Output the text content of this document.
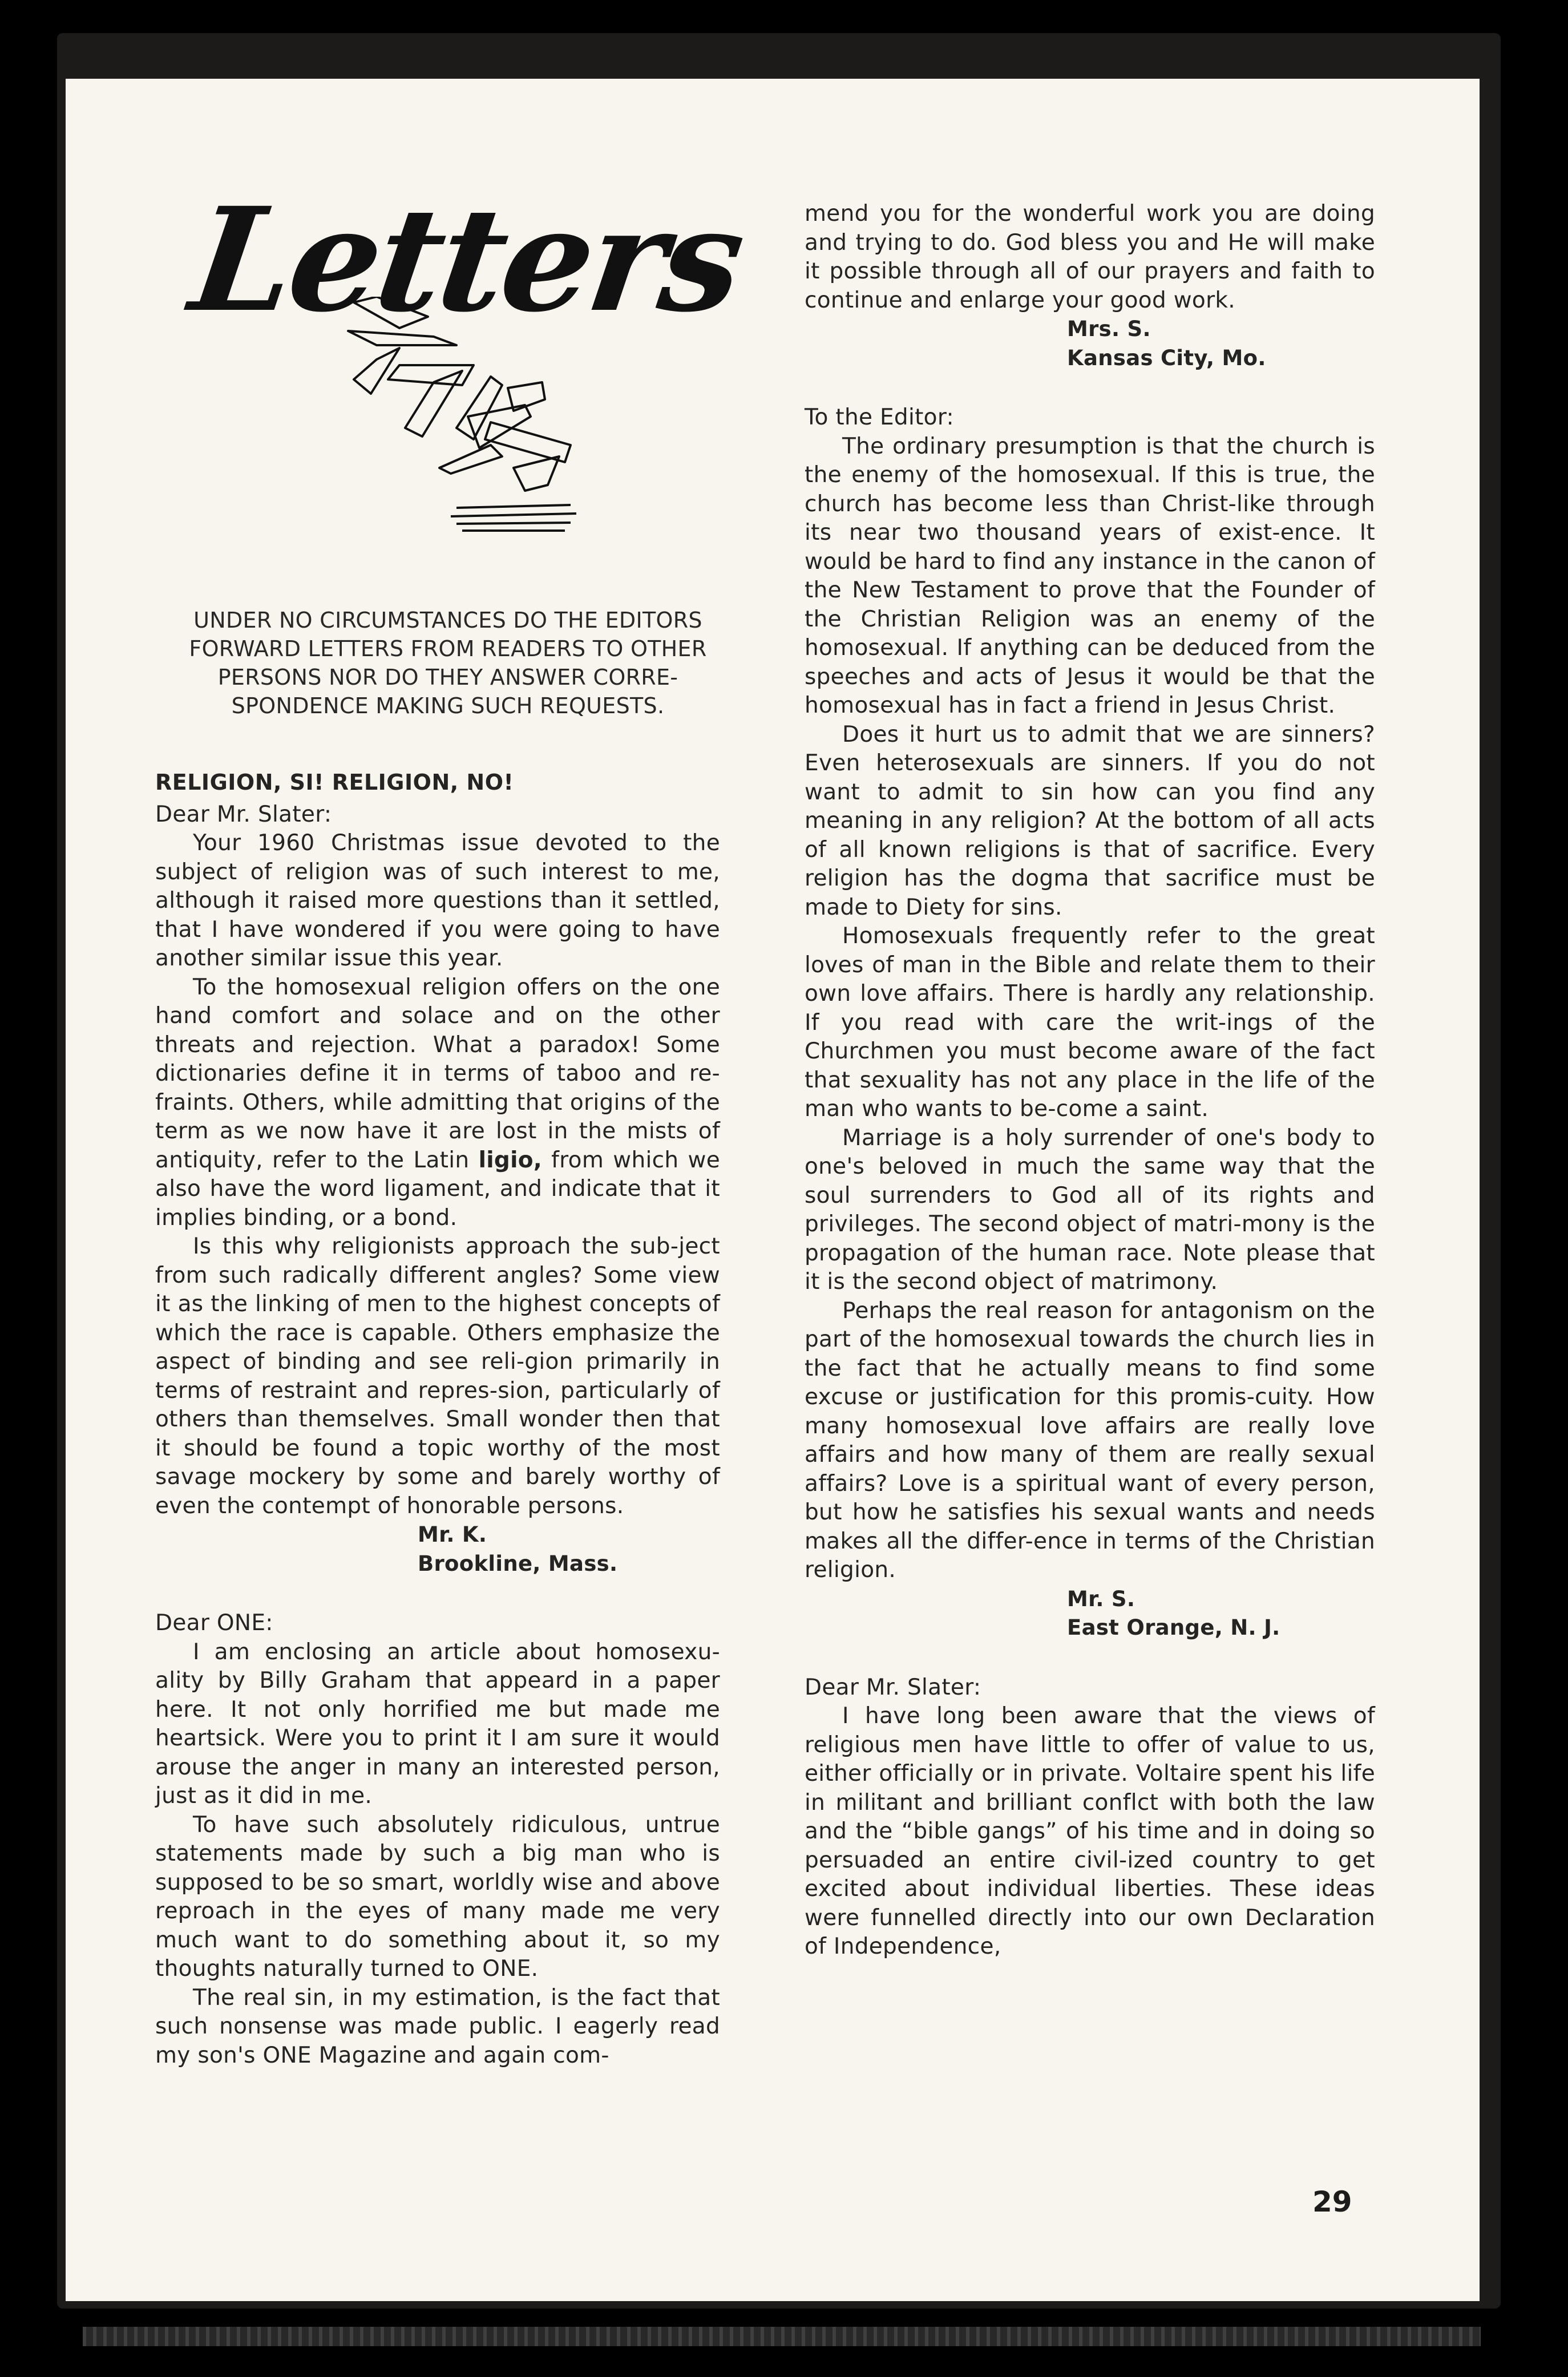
Letters
UNDER NO CIRCUMSTANCES DO THE EDITORS FORWARD LETTERS FROM READERS TO OTHER PERSONS NOR DO THEY ANSWER CORRE-SPONDENCE MAKING SUCH REQUESTS.
RELIGION, SI! RELIGION, NO!

Dear Mr. Slater:

Your 1960 Christmas issue devoted to the subject of religion was of such interest to me, although it raised more questions than it settled, that I have wondered if you were going to have another similar issue this year.

To the homosexual religion offers on the one hand comfort and solace and on the other threats and rejection. What a paradox! Some dictionaries define it in terms of taboo and re-fraints. Others, while admitting that origins of the term as we now have it are lost in the mists of antiquity, refer to the Latin ligio, from which we also have the word ligament, and indicate that it implies binding, or a bond.

Is this why religionists approach the sub-ject from such radically different angles? Some view it as the linking of men to the highest concepts of which the race is capable. Others emphasize the aspect of binding and see reli-gion primarily in terms of restraint and repres-sion, particularly of others than themselves. Small wonder then that it should be found a topic worthy of the most savage mockery by some and barely worthy of even the contempt of honorable persons.

Mr. K.

Brookline, Mass.

Dear ONE:

I am enclosing an article about homosexu-ality by Billy Graham that appeard in a paper here. It not only horrified me but made me heartsick. Were you to print it I am sure it would arouse the anger in many an interested person, just as it did in me.

To have such absolutely ridiculous, untrue statements made by such a big man who is supposed to be so smart, worldly wise and above reproach in the eyes of many made me very much want to do something about it, so my thoughts naturally turned to ONE.

The real sin, in my estimation, is the fact that such nonsense was made public. I eagerly read my son's ONE Magazine and again com-

mend you for the wonderful work you are doing and trying to do. God bless you and He will make it possible through all of our prayers and faith to continue and enlarge your good work.

Mrs. S.

Kansas City, Mo.

To the Editor:

The ordinary presumption is that the church is the enemy of the homosexual. If this is true, the church has become less than Christ-like through its near two thousand years of exist-ence. It would be hard to find any instance in the canon of the New Testament to prove that the Founder of the Christian Religion was an enemy of the homosexual. If anything can be deduced from the speeches and acts of Jesus it would be that the homosexual has in fact a friend in Jesus Christ.

Does it hurt us to admit that we are sinners? Even heterosexuals are sinners. If you do not want to admit to sin how can you find any meaning in any religion? At the bottom of all acts of all known religions is that of sacrifice. Every religion has the dogma that sacrifice must be made to Diety for sins.

Homosexuals frequently refer to the great loves of man in the Bible and relate them to their own love affairs. There is hardly any relationship. If you read with care the writ-ings of the Churchmen you must become aware of the fact that sexuality has not any place in the life of the man who wants to be-come a saint.

Marriage is a holy surrender of one's body to one's beloved in much the same way that the soul surrenders to God all of its rights and privileges. The second object of matri-mony is the propagation of the human race. Note please that it is the second object of matrimony.

Perhaps the real reason for antagonism on the part of the homosexual towards the church lies in the fact that he actually means to find some excuse or justification for this promis-cuity. How many homosexual love affairs are really love affairs and how many of them are really sexual affairs? Love is a spiritual want of every person, but how he satisfies his sexual wants and needs makes all the differ-ence in terms of the Christian religion.

Mr. S.

East Orange, N. J.

Dear Mr. Slater:

I have long been aware that the views of religious men have little to offer of value to us, either officially or in private. Voltaire spent his life in militant and brilliant conflct with both the law and the “bible gangs” of his time and in doing so persuaded an entire civil-ized country to get excited about individual liberties. These ideas were funnelled directly into our own Declaration of Independence,

29
